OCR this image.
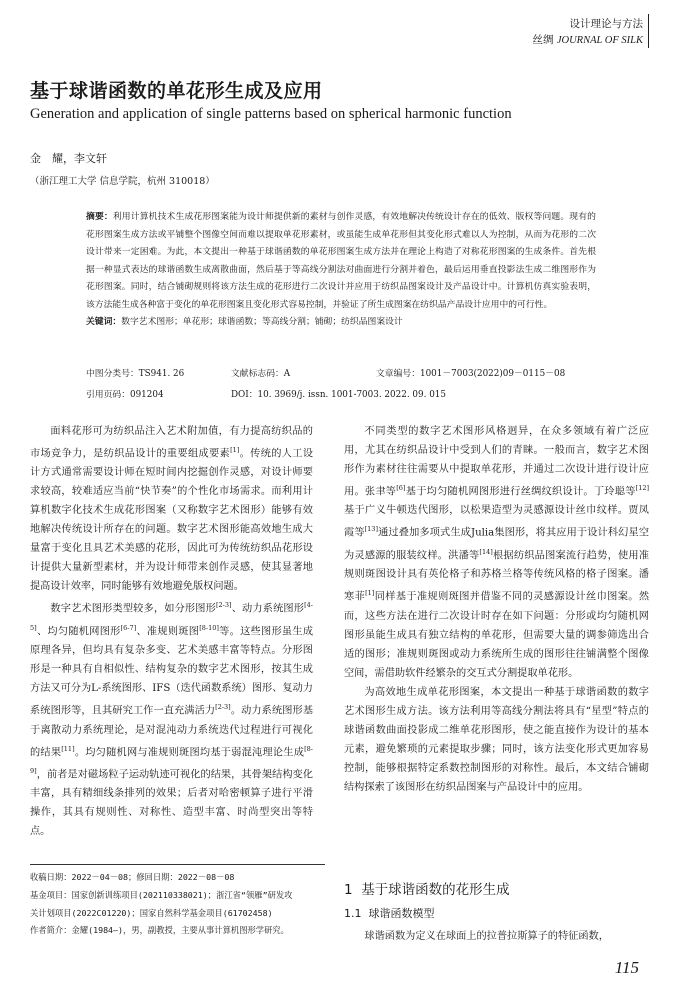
设计理论与方法
丝绸 JOURNAL OF SILK
基于球谐函数的单花形生成及应用
Generation and application of single patterns based on spherical harmonic function
金　耀，李文轩
（浙江理工大学 信息学院，杭州 310018）
摘要：利用计算机技术生成花形图案能为设计师提供新的素材与创作灵感，有效地解决传统设计存在的低效、版权等问题。现有的花形图案生成方法或平铺整个图像空间而难以提取单花形素材，或虽能生成单花形但其变化形式难以人为控制，从而为花形的二次设计带来一定困难。为此，本文提出一种基于球谐函数的单花形图案生成方法并在理论上构造了对称花形图案的生成条件。首先根据一种显式表达的球谐函数生成离散曲面，然后基于等高线分割法对曲面进行分割并着色，最后运用垂直投影法生成二维图形作为花形图案。同时，结合铺砌规则将该方法生成的花形进行二次设计并应用于纺织品图案设计及产品设计中。计算机仿真实验表明，该方法能生成各种富于变化的单花形图案且变化形式容易控制，并验证了所生成图案在纺织品产品设计应用中的可行性。
关键词：数字艺术图形；单花形；球谐函数；等高线分割；铺砌；纺织品图案设计
中图分类号：TS941. 26	文献标志码：A	文章编号：1001－7003(2022)09－0115－08
引用页码：091204	DOI：10. 3969/j. issn. 1001-7003. 2022. 09. 015

面料花形可为纺织品注入艺术附加值，有力提高纺织品的市场竞争力，是纺织品设计的重要组成要素[1]。传统的人工设计方式通常需要设计师在短时间内挖掘创作灵感，对设计师要求较高，较难适应当前“快节奏”的个性化市场需求。而利用计算机数字化技术生成花形图案（又称数字艺术图形）能够有效地解决传统设计所存在的问题。数字艺术图形能高效地生成大量富于变化且具艺术美感的花形，因此可为传统纺织品花形设计提供大量新型素材，并为设计师带来创作灵感，使其显著地提高设计效率，同时能够有效地避免版权问题。

数字艺术图形类型较多，如分形图形[2-3]、动力系统图形[4-5]、均匀随机网图形[6-7]、准规则斑图[8-10]等。这些图形虽生成原理各异，但均具有复杂多变、艺术美感丰富等特点。分形图形是一种具有自相似性、结构复杂的数字艺术图形，按其生成方法又可分为L-系统图形、IFS（迭代函数系统）图形、复动力系统图形等，且其研究工作一直充满活力[2-3]。动力系统图形基于离散动力系统理论，是对混沌动力系统迭代过程进行可视化的结果[11]。均匀随机网与准规则斑图均基于弱混沌理论生成[8-9]，前者是对磁场粒子运动轨迹可视化的结果，其骨架结构变化丰富，具有精细线条排列的效果；后者对哈密顿算子进行平滑操作，其具有规则性、对称性、造型丰富、时尚型突出等特点。

不同类型的数字艺术图形风格迥异，在众多领域有着广泛应用，尤其在纺织品设计中受到人们的青睐。一般而言，数字艺术图形作为素材往往需要从中提取单花形，并通过二次设计进行设计应用。张聿等[6]基于均匀随机网图形进行丝绸纹织设计。丁玲聪等[12]基于广义牛顿迭代图形，以松果造型为灵感源设计丝巾纹样。贾凤霞等[13]通过叠加多项式生成Julia集图形，将其应用于设计科幻星空为灵感源的服装纹样。洪潘等[14]根据纺织品图案流行趋势，使用准规则斑图设计具有英伦格子和苏格兰格等传统风格的格子图案。潘寒菲[1]同样基于准规则斑图并借鉴不同的灵感源设计丝巾图案。然而，这些方法在进行二次设计时存在如下问题：分形或均匀随机网图形虽能生成具有独立结构的单花形，但需要大量的调参筛选出合适的图形；准规则斑图或动力系统所生成的图形往往铺满整个图像空间，需借助软件经繁杂的交互式分割提取单花形。

为高效地生成单花形图案，本文提出一种基于球谐函数的数字艺术图形生成方法。该方法利用等高线分割法将具有“星型”特点的球谐函数曲面投影成二维单花形图形，使之能直接作为设计的基本元素，避免繁琐的元素提取步骤；同时，该方法变化形式更加容易控制，能够根据特定系数控制图形的对称性。最后，本文结合铺砌结构探索了该图形在纺织品图案与产品设计中的应用。

收稿日期：2022－04－08；修回日期：2022－08－08
基金项目：国家创新训练项目(202110338021)；浙江省“领雁”研发攻
关计划项目(2022C01220)；国家自然科学基金项目(61702458)
作者简介：金耀(1984—)，男，副教授，主要从事计算机图形学研究。
1 基于球谐函数的花形生成
1.1 球谐函数模型
球谐函数为定义在球面上的拉普拉斯算子的特征函数，
115
